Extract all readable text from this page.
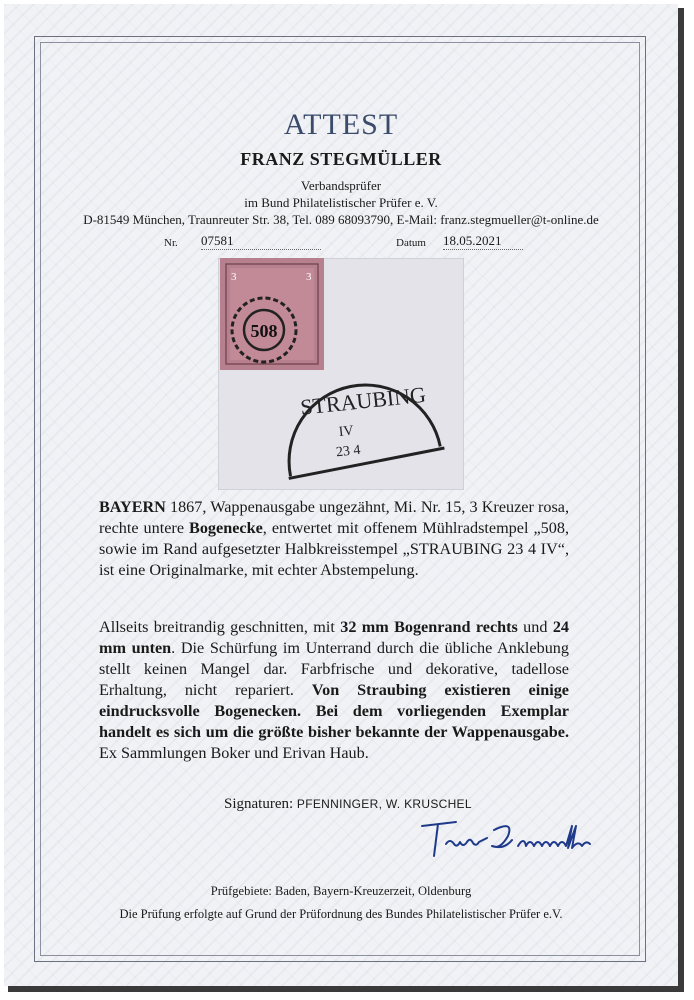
ATTEST
FRANZ STEGMÜLLER
Verbandsprüfer
im Bund Philatelistischer Prüfer e. V.
D-81549 München, Traunreuter Str. 38, Tel. 089 68093790, E-Mail: franz.stegmueller@t-online.de
Nr. 07581	Datum 18.05.2021
3	3
508
STRAUBING
IV
23 4
BAYERN 1867, Wappenausgabe ungezähnt, Mi. Nr. 15, 3 Kreuzer rosa, rechte untere Bogenecke, entwertet mit offenem Mühlradstempel „508, sowie im Rand aufgesetzter Halbkreisstempel „STRAUBING 23 4 IV“, ist eine Originalmarke, mit echter Abstempelung.
Allseits breitrandig geschnitten, mit 32 mm Bogenrand rechts und 24 mm unten. Die Schürfung im Unterrand durch die übliche Anklebung stellt keinen Mangel dar. Farbfrische und dekorative, tadellose Erhaltung, nicht repariert. Von Straubing existieren einige eindrucksvolle Bogenecken. Bei dem vorliegenden Exemplar handelt es sich um die größte bisher bekannte der Wappenausgabe. Ex Sammlungen Boker und Erivan Haub.
Signaturen: PFENNINGER, W. KRUSCHEL
Prüfgebiete: Baden, Bayern-Kreuzerzeit, Oldenburg
Die Prüfung erfolgte auf Grund der Prüfordnung des Bundes Philatelistischer Prüfer e.V.
